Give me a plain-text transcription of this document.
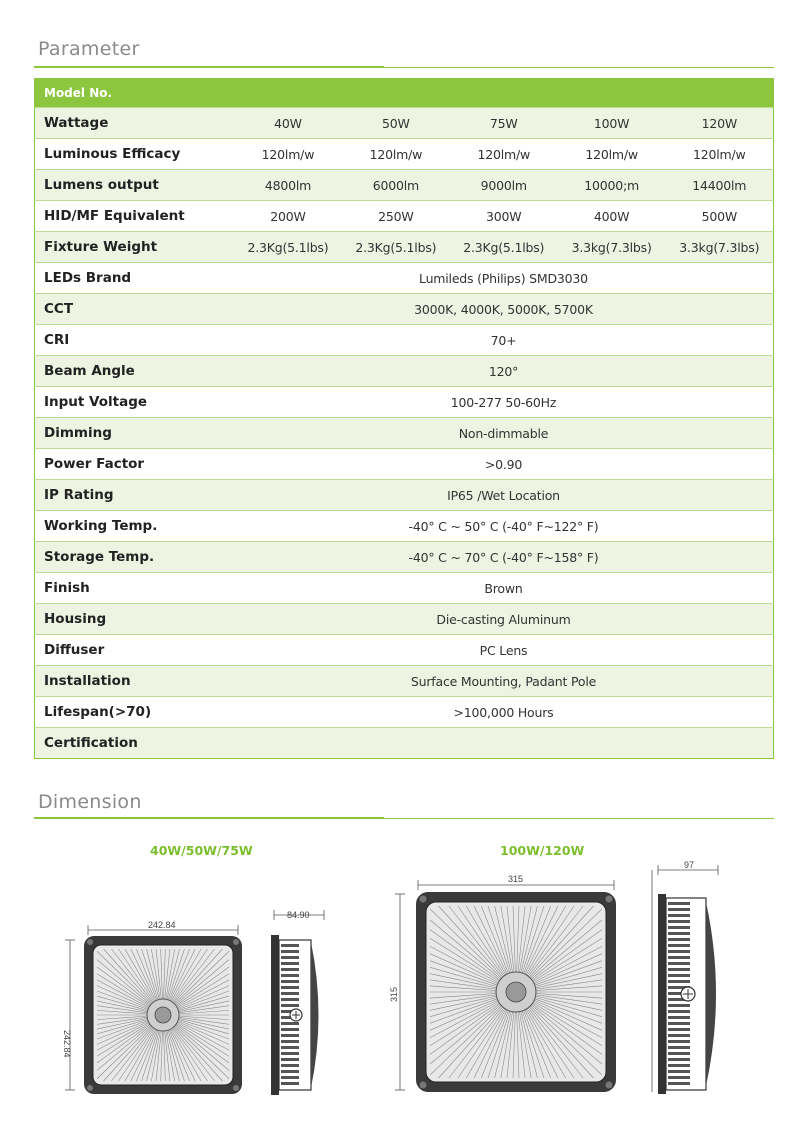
Parameter
Model No.					
Wattage	40W	50W	75W	100W	120W
Luminous Efficacy	120lm/w	120lm/w	120lm/w	120lm/w	120lm/w
Lumens output	4800lm	6000lm	9000lm	10000;m	14400lm
HID/MF Equivalent	200W	250W	300W	400W	500W
Fixture Weight	2.3Kg(5.1lbs)	2.3Kg(5.1lbs)	2.3Kg(5.1lbs)	3.3kg(7.3lbs)	3.3kg(7.3lbs)
LEDs Brand	Lumileds (Philips) SMD3030				
CCT	3000K, 4000K, 5000K, 5700K				
CRI	70+				
Beam Angle	120°				
Input Voltage	100-277 50-60Hz				
Dimming	Non-dimmable				
Power Factor	>0.90				
IP Rating	IP65 /Wet Location				
Working Temp.	-40° C ~ 50° C (-40° F~122° F)				
Storage Temp.	-40° C ~ 70° C (-40° F~158° F)				
Finish	Brown				
Housing	Die-casting Aluminum				
Diffuser	PC Lens				
Installation	Surface Mounting, Padant Pole				
Lifespan(>70)	>100,000 Hours				
Certification					
Dimension
40W/50W/75W	100W/120W
242.84
242.84
84.90
315
315
97
